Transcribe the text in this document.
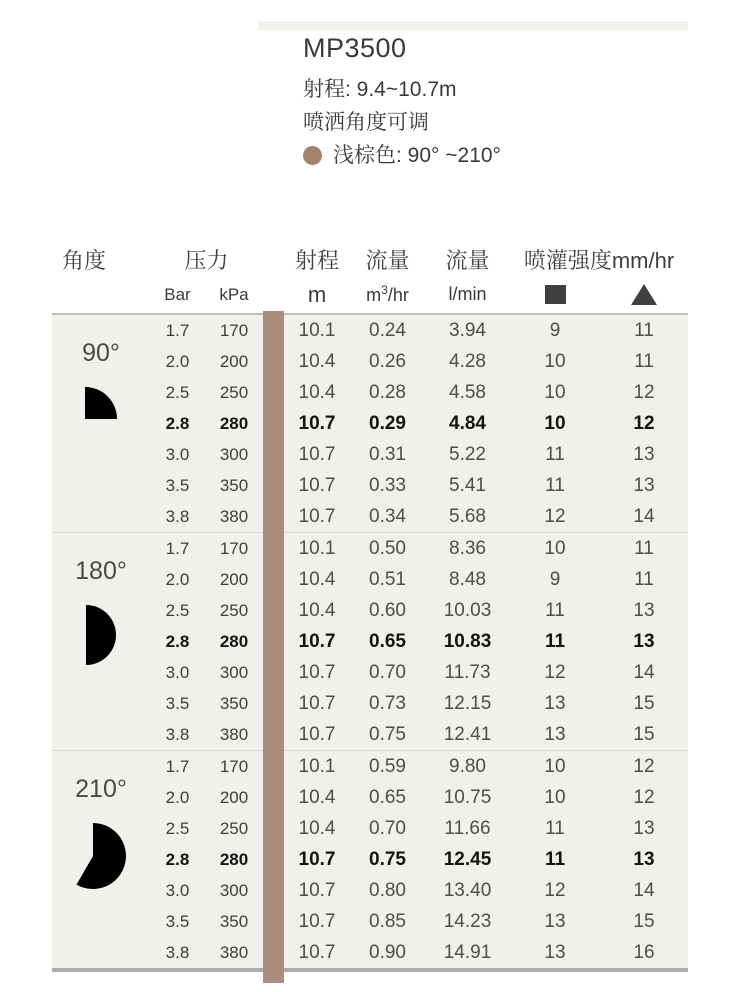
MP3500
射程: 9.4~10.7m
喷洒角度可调
浅棕色: 90° ~210°
角度	压力	射程	流量	流量	喷灌强度mm/hr
Bar	kPa	m	$m^3/hr$	l/min
90°
1.7	170	10.1	0.24	3.94	9	11
2.0	200	10.4	0.26	4.28	10	11
2.5	250	10.4	0.28	4.58	10	12
2.8	280	10.7	0.29	4.84	10	12
3.0	300	10.7	0.31	5.22	11	13
3.5	350	10.7	0.33	5.41	11	13
3.8	380	10.7	0.34	5.68	12	14
180°
1.7	170	10.1	0.50	8.36	10	11
2.0	200	10.4	0.51	8.48	9	11
2.5	250	10.4	0.60	10.03	11	13
2.8	280	10.7	0.65	10.83	11	13
3.0	300	10.7	0.70	11.73	12	14
3.5	350	10.7	0.73	12.15	13	15
3.8	380	10.7	0.75	12.41	13	15
210°
1.7	170	10.1	0.59	9.80	10	12
2.0	200	10.4	0.65	10.75	10	12
2.5	250	10.4	0.70	11.66	11	13
2.8	280	10.7	0.75	12.45	11	13
3.0	300	10.7	0.80	13.40	12	14
3.5	350	10.7	0.85	14.23	13	15
3.8	380	10.7	0.90	14.91	13	16
